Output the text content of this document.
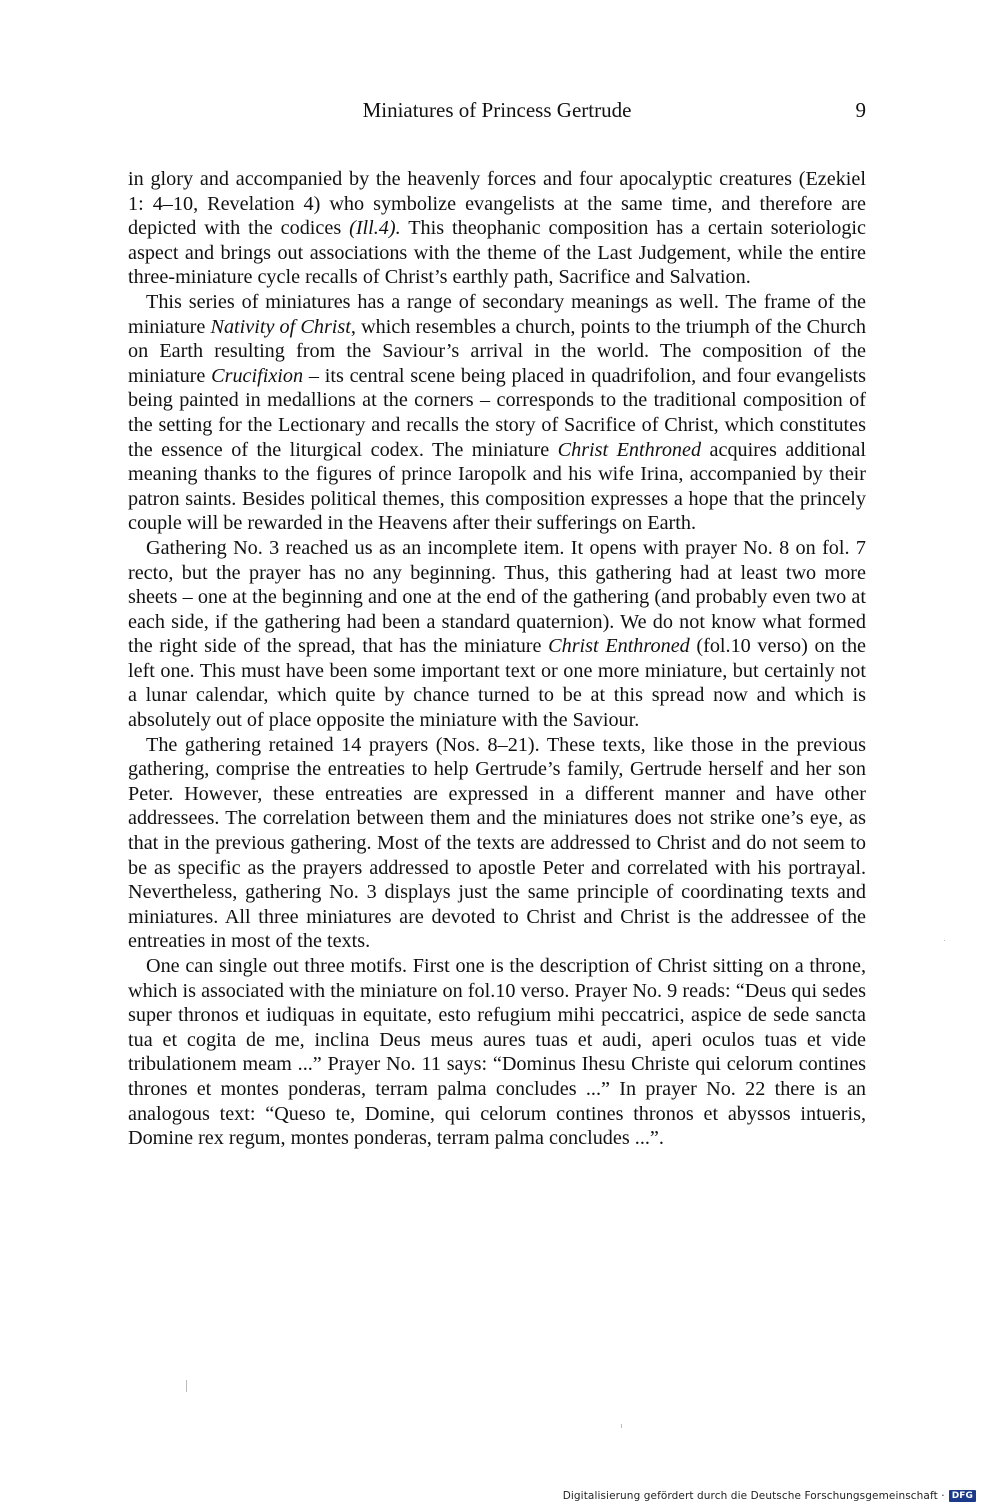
Miniatures of Princess Gertrude	9

in glory and accompanied by the heavenly forces and four apocalyptic creatures (Ezekiel 1: 4–10, Revelation 4) who symbolize evangelists at the same time, and therefore are depicted with the codices (Ill.4). This theophanic composition has a certain soteriologic aspect and brings out associations with the theme of the Last Judgement, while the entire three-miniature cycle recalls of Christ’s earthly path, Sacrifice and Salvation.

This series of miniatures has a range of secondary meanings as well. The frame of the miniature Nativity of Christ, which resembles a church, points to the triumph of the Church on Earth resulting from the Saviour’s arrival in the world. The composition of the miniature Crucifixion – its central scene being placed in quadrifolion, and four evangelists being painted in medallions at the corners – corresponds to the traditional composition of the setting for the Lectionary and recalls the story of Sacrifice of Christ, which constitutes the essence of the liturgical codex. The miniature Christ Enthroned acquires additional meaning thanks to the figures of prince Iaropolk and his wife Irina, accompanied by their patron saints. Besides political themes, this composition expresses a hope that the princely couple will be rewarded in the Heavens after their sufferings on Earth.

Gathering No. 3 reached us as an incomplete item. It opens with prayer No. 8 on fol. 7 recto, but the prayer has no any beginning. Thus, this gathering had at least two more sheets – one at the beginning and one at the end of the gathering (and probably even two at each side, if the gathering had been a standard quaternion). We do not know what formed the right side of the spread, that has the miniature Christ Enthroned (fol.10 verso) on the left one. This must have been some important text or one more miniature, but certainly not a lunar calendar, which quite by chance turned to be at this spread now and which is absolutely out of place opposite the miniature with the Saviour.

The gathering retained 14 prayers (Nos. 8–21). These texts, like those in the previous gathering, comprise the entreaties to help Gertrude’s family, Gertrude herself and her son Peter. However, these entreaties are expressed in a different manner and have other addressees. The correlation between them and the miniatures does not strike one’s eye, as that in the previous gathering. Most of the texts are addressed to Christ and do not seem to be as specific as the prayers addressed to apostle Peter and correlated with his portrayal. Nevertheless, gathering No. 3 displays just the same principle of coordinating texts and miniatures. All three miniatures are devoted to Christ and Christ is the addressee of the entreaties in most of the texts.

One can single out three motifs. First one is the description of Christ sitting on a throne, which is associated with the miniature on fol.10 verso. Prayer No. 9 reads: “Deus qui sedes super thronos et iudiquas in equitate, esto refugium mihi peccatrici, aspice de sede sancta tua et cogita de me, inclina Deus meus aures tuas et audi, aperi oculos tuas et vide tribulationem meam ...” Prayer No. 11 says: “Dominus Ihesu Christe qui celorum contines thrones et montes ponderas, terram palma concludes ...” In prayer No. 22 there is an analogous text: “Queso te, Domine, qui celorum contines thronos et abyssos intueris, Domine rex regum, montes ponderas, terram palma concludes ...”.

Digitalisierung gefördert durch die Deutsche Forschungsgemeinschaft · DFG
